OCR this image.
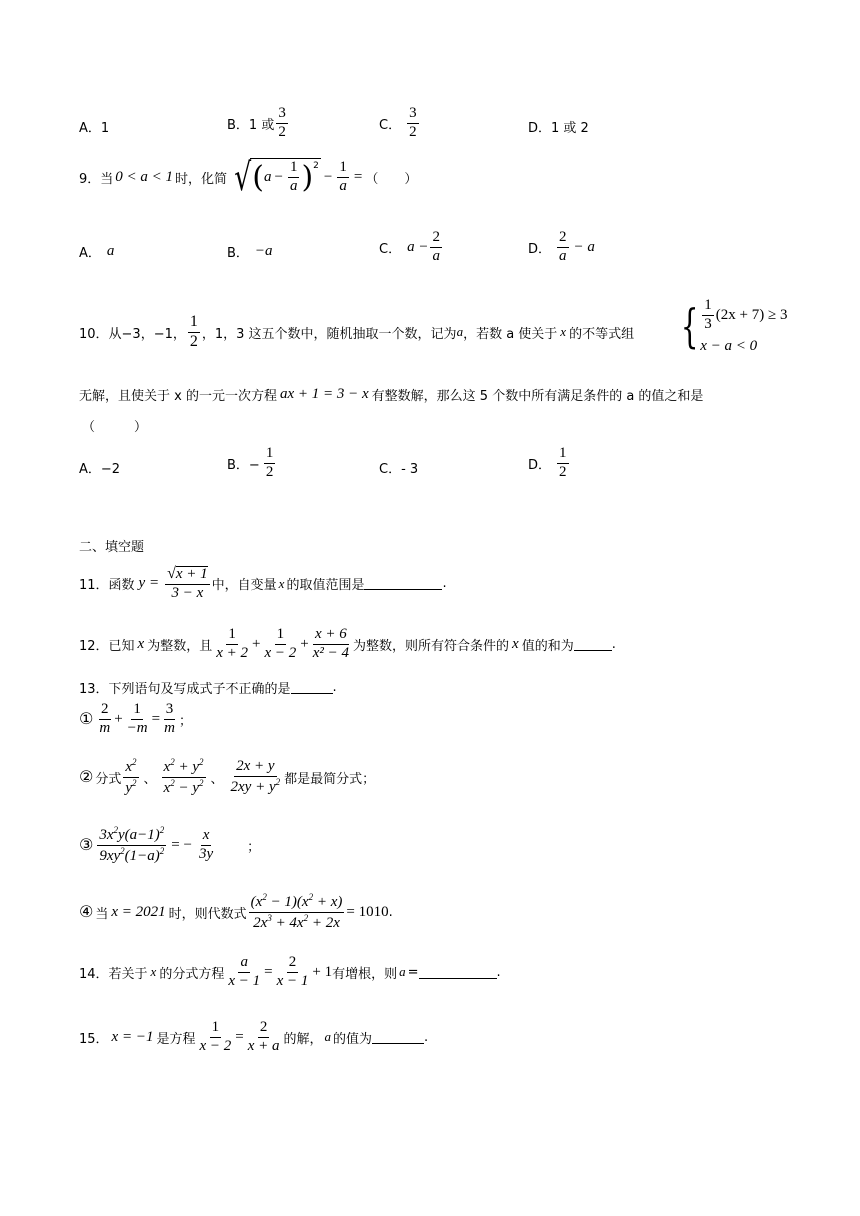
A．1	B．1 或 $\frac{3}{2}$	C． $\frac{3}{2}$	D．1 或 2
9．当 0 < a < 1 时，化简 √ ( $a - \frac{1}{a} )^2$
− $\frac{1}{a}$ = （　　）
A． a	B． −a	C． $a - \frac{2}{a}$	D． $\frac{2}{a} - a$
10．从−3，−1， $\frac{1}{2}$ ，1，3 这五个数中，随机抽取一个数，记为 a ，若数 a 使关于 x 的不等式组 { $\frac{1}{3} (2x + 7) \ge 3$
x − a < 0
无解，且使关于 x 的一元一次方程 ax + 1 = 3 − x 有整数解，那么这 5 个数中所有满足条件的 a 的值之和是
（　　　）
A．−2	B．− $\frac{1}{2}$	C．- 3	D． $\frac{1}{2}$
二、填空题
11．函数 $y = \frac{√ x + 1}{3 - x}$ 中，自变量 x 的取值范围是	.
12．已知 x 为整数，且 $\frac{1}{x + 2} + \frac{1}{x - 2} + \frac{x + 6}{\text{x² − 4}}$ 为整数，则所有符合条件的 x 值的和为	.
13．下列语句及写成式子不正确的是	.
① $\frac{2}{m} + \frac{1}{-m} = \frac{3}{m}$ ；
② 分式 $\frac{x^2}{y^2}$ 、 $\frac{x^2 + y^2}{x^2 - y^2}$ 、 $\frac{2x + y}{2xy + y^2}$ 都是最简分式；
③ $\frac{3x^2y(a-1)^2}{9xy^2(1-a)^2}$ = − $\frac{x}{3y}$ ；
④ 当 x = 2021 时，则代数式 $\frac{(x^2 - 1)(x^2 + x)}{2x^3 + 4x^2 + 2x} = 1010$ .
14．若关于 x 的分式方程 $\frac{a}{x - 1} = \frac{2}{x - 1} + 1$ 有增根，则 a =	.
15． x = −1 是方程 $\frac{1}{x - 2} = \frac{2}{x + a}$ 的解， a 的值为	.
